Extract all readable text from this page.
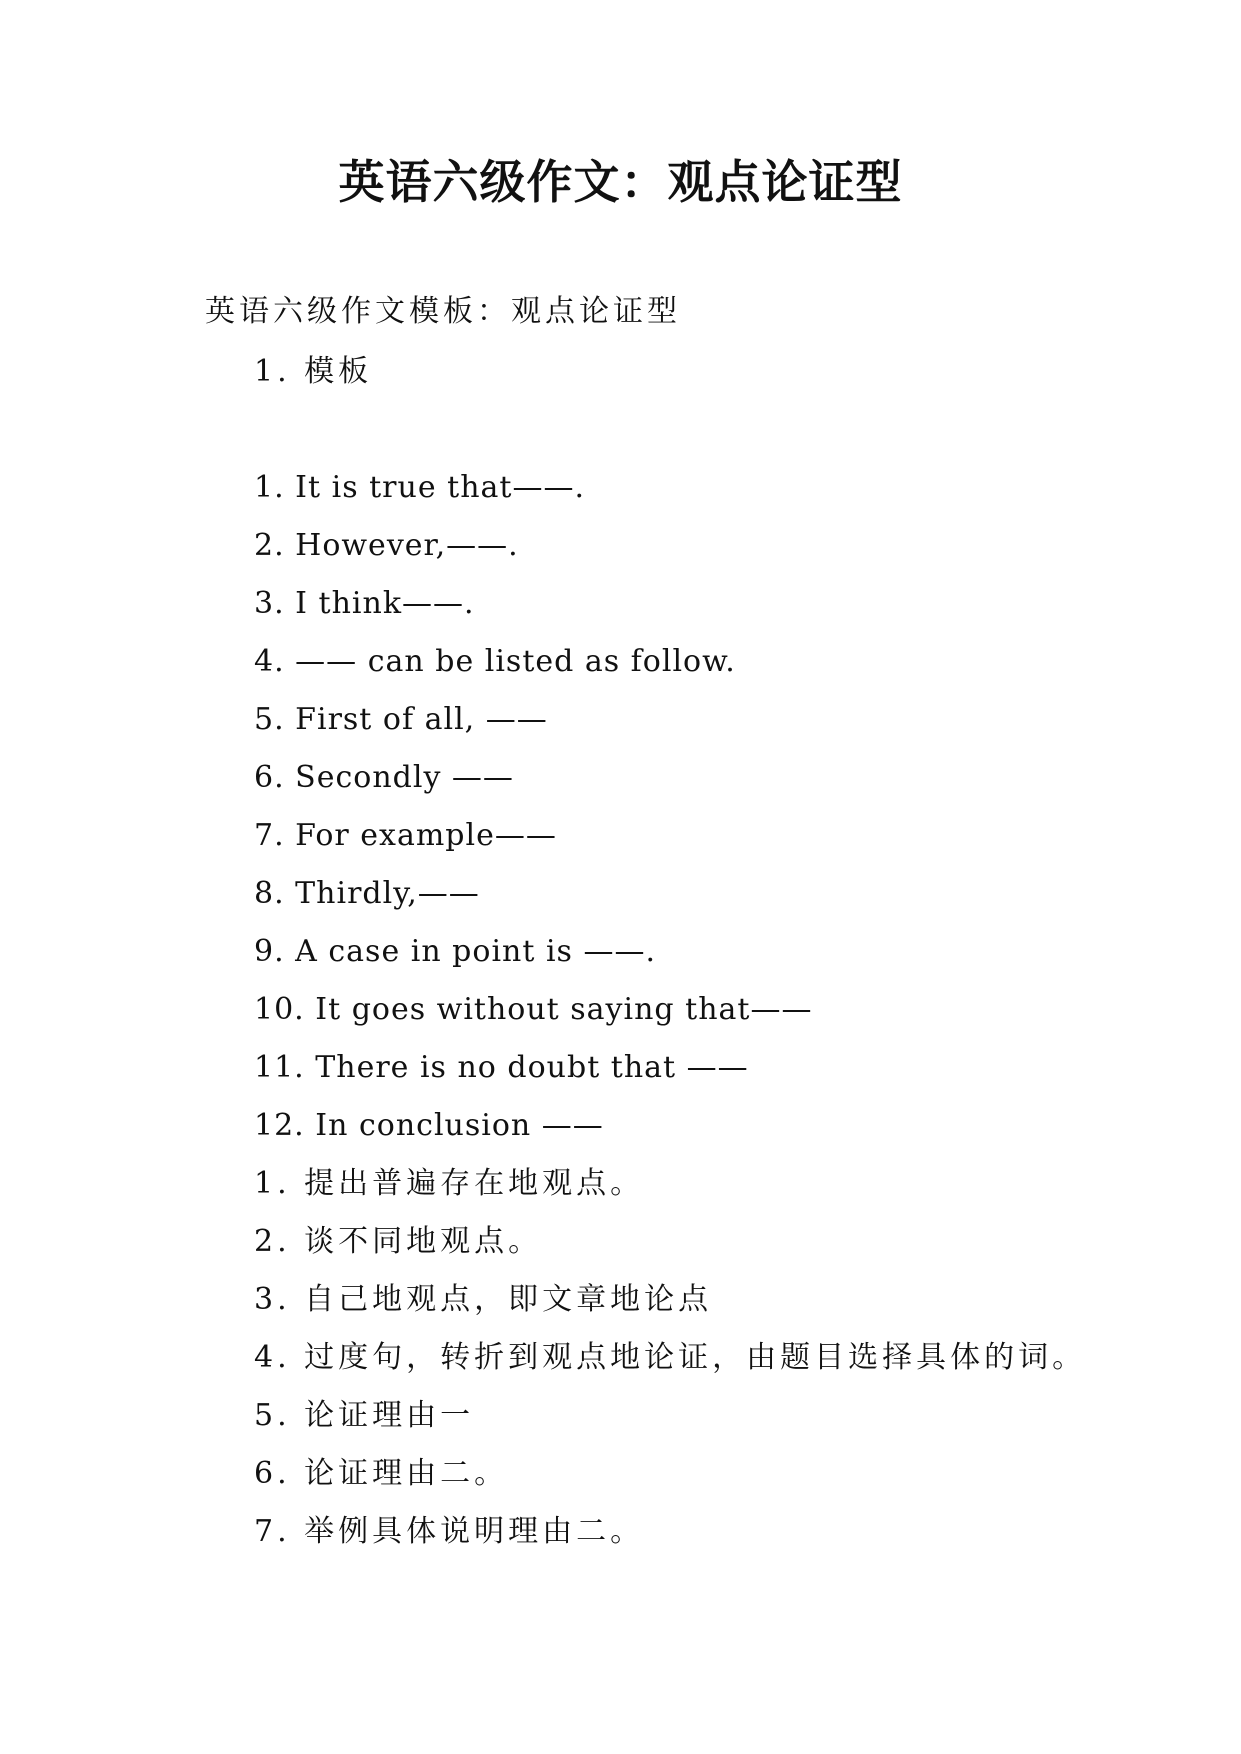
英语六级作文：观点论证型
英语六级作文模板：观点论证型
1. 模板
1. It is true that——.
2. However,——.
3. I think——.
4. —— can be listed as follow.
5. First of all, ——
6. Secondly ——
7. For example——
8. Thirdly,——
9. A case in point is ——.
10. It goes without saying that——
11. There is no doubt that ——
12. In conclusion ——
1. 提出普遍存在地观点。
2. 谈不同地观点。
3. 自己地观点，即文章地论点
4. 过度句，转折到观点地论证，由题目选择具体的词。
5. 论证理由一
6. 论证理由二。
7. 举例具体说明理由二。
